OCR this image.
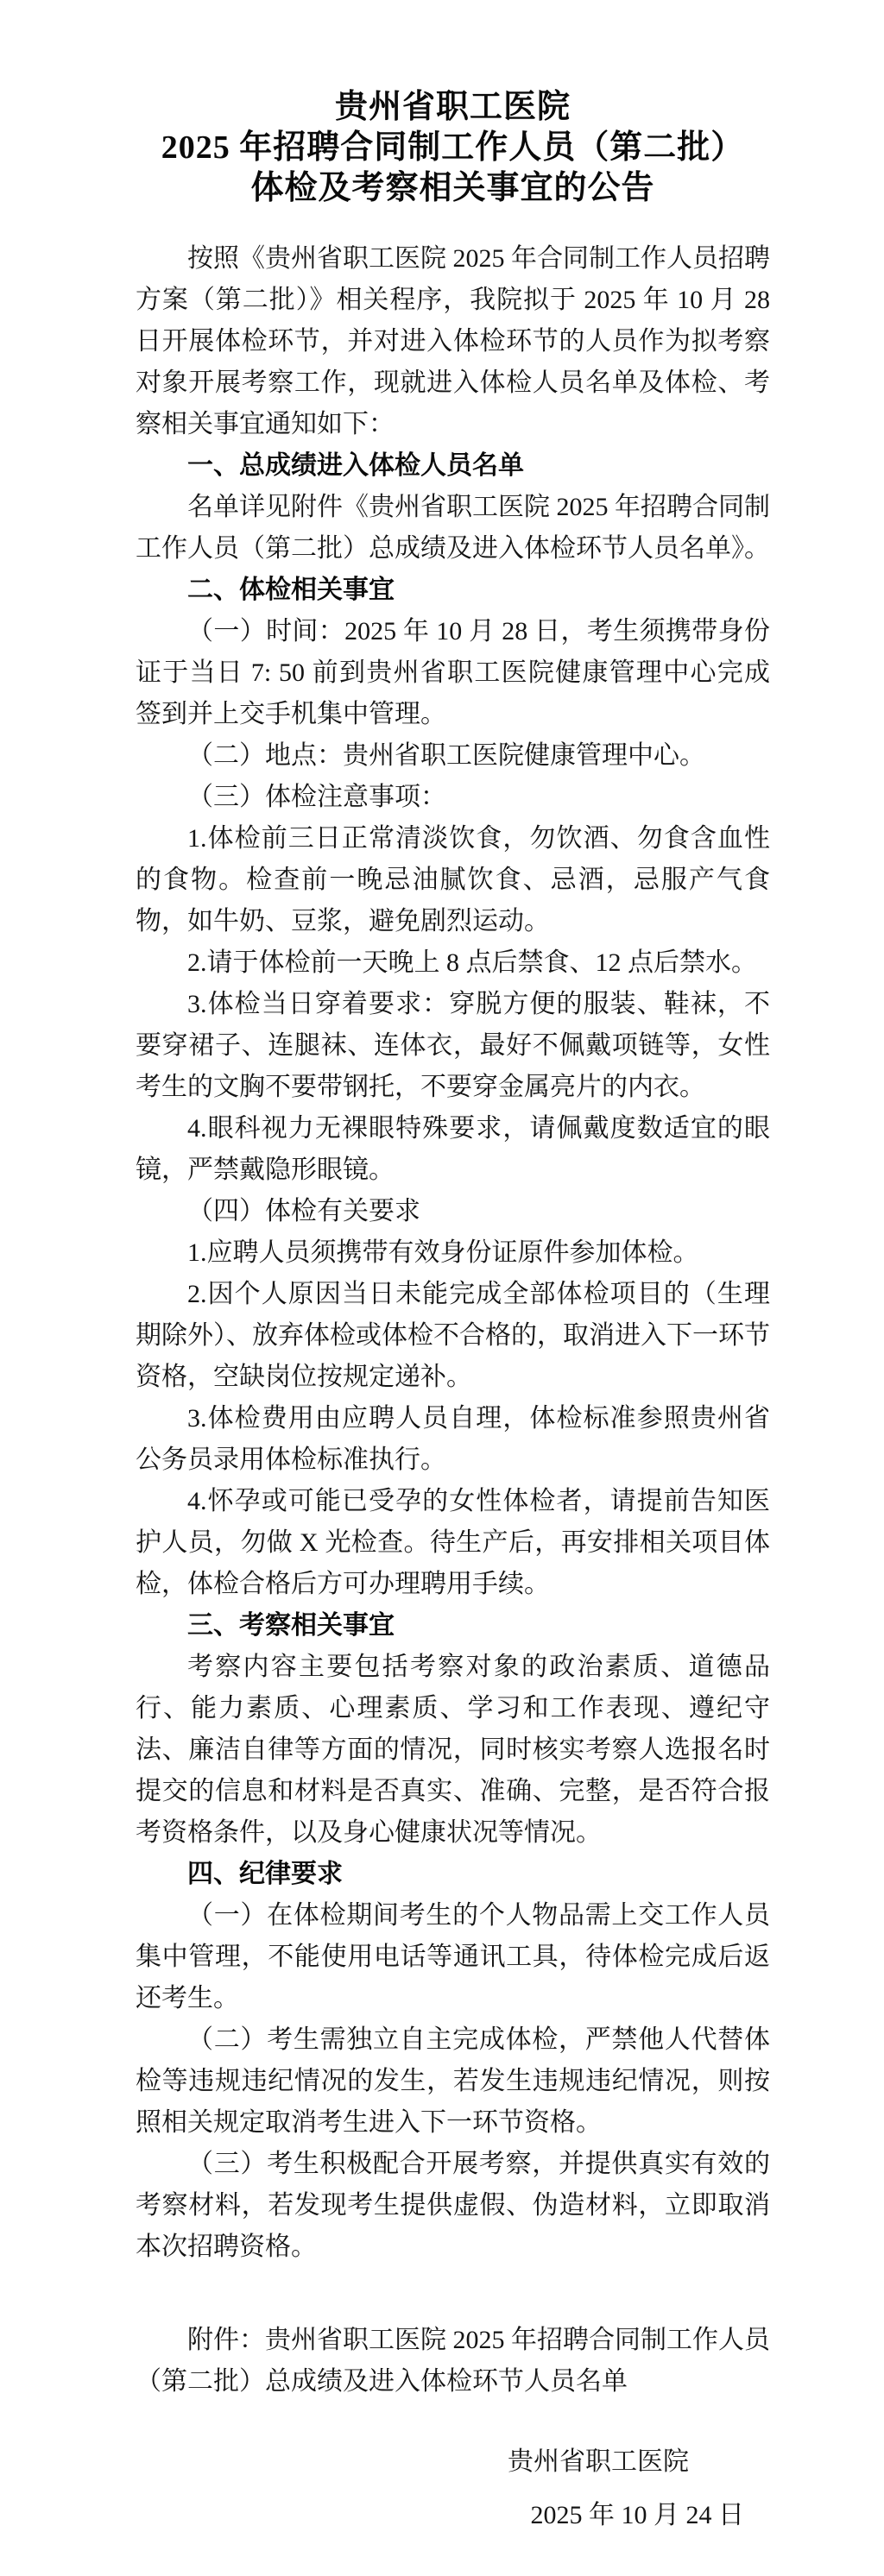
贵州省职工医院
2025 年招聘合同制工作人员（第二批）
体检及考察相关事宜的公告

按照《贵州省职工医院 2025 年合同制工作人员招聘方案（第二批）》相关程序，我院拟于 2025 年 10 月 28 日开展体检环节，并对进入体检环节的人员作为拟考察对象开展考察工作，现就进入体检人员名单及体检、考察相关事宜通知如下：

一、总成绩进入体检人员名单

名单详见附件《贵州省职工医院 2025 年招聘合同制工作人员（第二批）总成绩及进入体检环节人员名单》。

二、体检相关事宜

（一）时间：2025 年 10 月 28 日，考生须携带身份证于当日 7: 50 前到贵州省职工医院健康管理中心完成签到并上交手机集中管理。

（二）地点：贵州省职工医院健康管理中心。

（三）体检注意事项：

1.体检前三日正常清淡饮食，勿饮酒、勿食含血性的食物。检查前一晚忌油腻饮食、忌酒，忌服产气食物，如牛奶、豆浆，避免剧烈运动。

2.请于体检前一天晚上 8 点后禁食、12 点后禁水。

3.体检当日穿着要求：穿脱方便的服装、鞋袜，不要穿裙子、连腿袜、连体衣，最好不佩戴项链等，女性考生的文胸不要带钢托，不要穿金属亮片的内衣。

4.眼科视力无裸眼特殊要求，请佩戴度数适宜的眼镜，严禁戴隐形眼镜。

（四）体检有关要求

1.应聘人员须携带有效身份证原件参加体检。

2.因个人原因当日未能完成全部体检项目的（生理期除外）、放弃体检或体检不合格的，取消进入下一环节资格，空缺岗位按规定递补。

3.体检费用由应聘人员自理，体检标准参照贵州省公务员录用体检标准执行。

4.怀孕或可能已受孕的女性体检者，请提前告知医护人员，勿做 X 光检查。待生产后，再安排相关项目体检，体检合格后方可办理聘用手续。

三、考察相关事宜

考察内容主要包括考察对象的政治素质、道德品行、能力素质、心理素质、学习和工作表现、遵纪守法、廉洁自律等方面的情况，同时核实考察人选报名时提交的信息和材料是否真实、准确、完整，是否符合报考资格条件，以及身心健康状况等情况。

四、纪律要求

（一）在体检期间考生的个人物品需上交工作人员集中管理，不能使用电话等通讯工具，待体检完成后返还考生。

（二）考生需独立自主完成体检，严禁他人代替体检等违规违纪情况的发生，若发生违规违纪情况，则按照相关规定取消考生进入下一环节资格。

（三）考生积极配合开展考察，并提供真实有效的考察材料，若发现考生提供虚假、伪造材料，立即取消本次招聘资格。

附件：贵州省职工医院 2025 年招聘合同制工作人员（第二批）总成绩及进入体检环节人员名单

贵州省职工医院

2025 年 10 月 24 日
